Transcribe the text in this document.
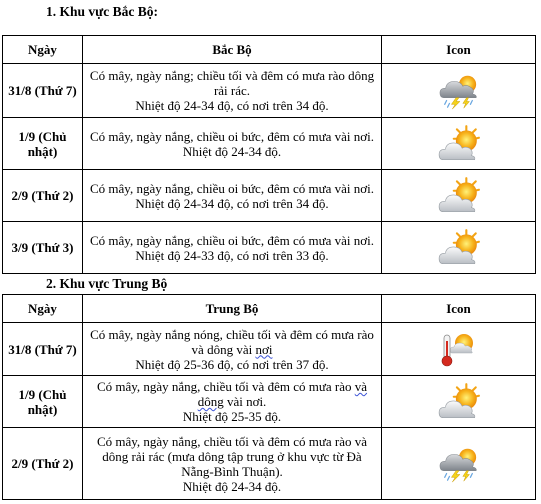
1. Khu vực Bắc Bộ:
Ngày	Bắc Bộ	Icon
31/8 (Thứ 7)	Có mây, ngày nắng; chiều tối và đêm có mưa rào dông rải rác.
Nhiệt độ 24-34 độ, có nơi trên 34 độ.

1/9 (Chủ nhật)	Có mây, ngày nắng, chiều oi bức, đêm có mưa vài nơi.
Nhiệt độ 24-34 độ.

2/9 (Thứ 2)	Có mây, ngày nắng, chiều oi bức, đêm có mưa vài nơi.
Nhiệt độ 24-34 độ, có nơi trên 34 độ.

3/9 (Thứ 3)	Có mây, ngày nắng, chiều oi bức, đêm có mưa vài nơi.
Nhiệt độ 24-33 độ, có nơi trên 33 độ.

2. Khu vực Trung Bộ
Ngày	Trung Bộ	Icon
31/8 (Thứ 7)	Có mây, ngày nắng nóng, chiều tối và đêm có mưa rào và dông vài nơi
Nhiệt độ 25-36 độ, có nơi trên 37 độ.

1/9 (Chủ nhật)	Có mây, ngày nắng, chiều tối và đêm có mưa rào và dông vài nơi.
Nhiệt độ 25-35 độ.

2/9 (Thứ 2)	Có mây, ngày nắng, chiều tối và đêm có mưa rào và dông rải rác (mưa dông tập trung ở khu vực từ Đà Nẵng-Bình Thuận).
Nhiệt độ 24-34 độ.
